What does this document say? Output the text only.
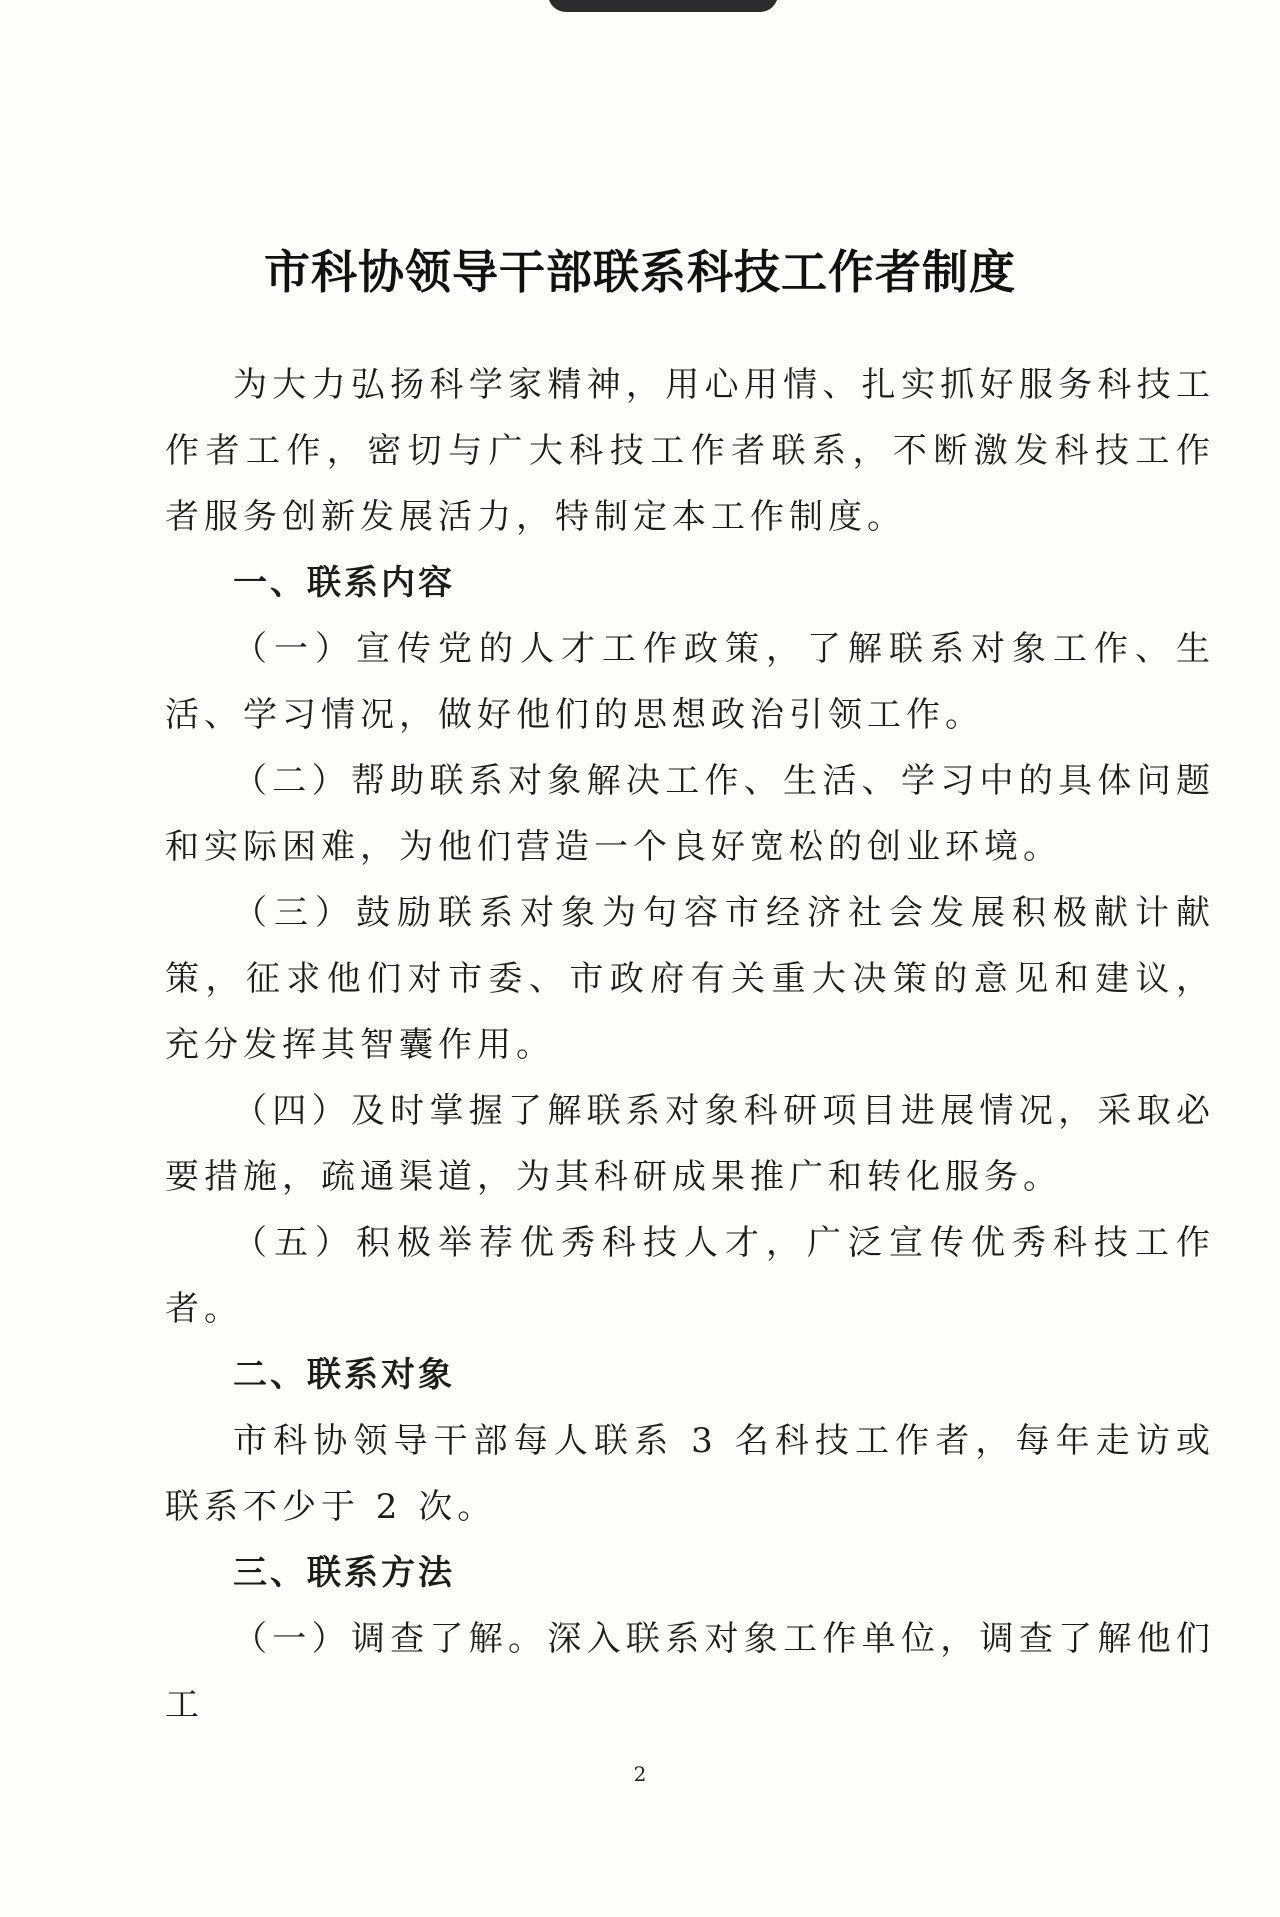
市科协领导干部联系科技工作者制度

为大力弘扬科学家精神，用心用情、扎实抓好服务科技工作者工作，密切与广大科技工作者联系，不断激发科技工作者服务创新发展活力，特制定本工作制度。

一、联系内容

（一）宣传党的人才工作政策，了解联系对象工作、生活、学习情况，做好他们的思想政治引领工作。

（二）帮助联系对象解决工作、生活、学习中的具体问题和实际困难，为他们营造一个良好宽松的创业环境。

（三）鼓励联系对象为句容市经济社会发展积极献计献策，征求他们对市委、市政府有关重大决策的意见和建议，充分发挥其智囊作用。

（四）及时掌握了解联系对象科研项目进展情况，采取必要措施，疏通渠道，为其科研成果推广和转化服务。

（五）积极举荐优秀科技人才，广泛宣传优秀科技工作者。

二、联系对象

市科协领导干部每人联系 3 名科技工作者，每年走访或联系不少于 2 次。

三、联系方法

（一）调查了解。深入联系对象工作单位，调查了解他们工

2
